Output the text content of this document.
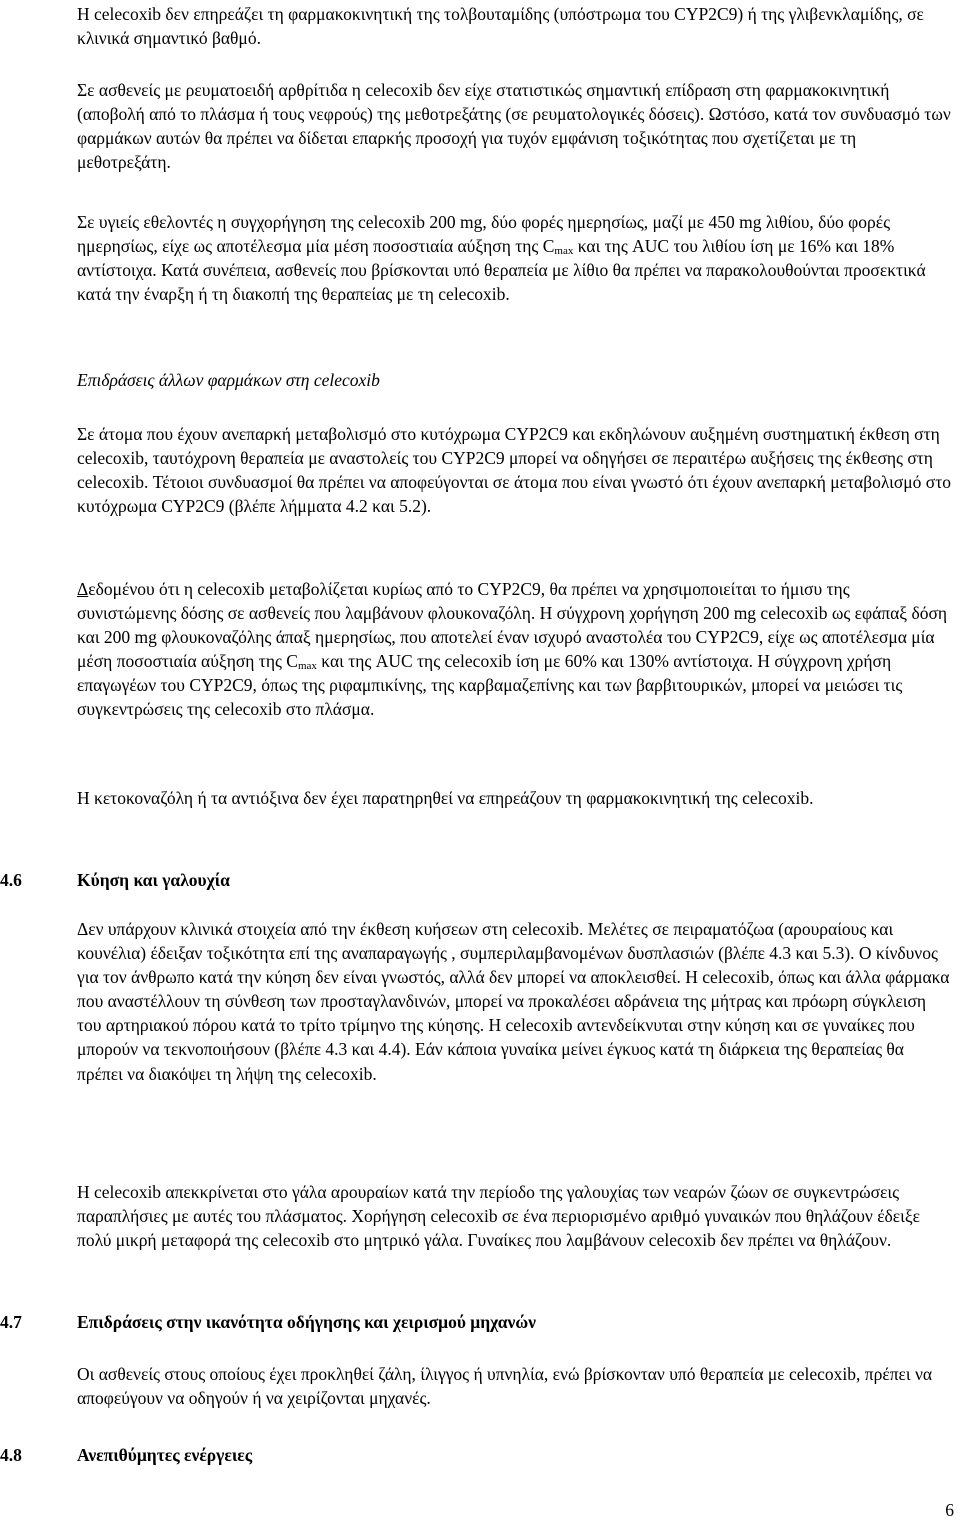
Η celecoxib δεν επηρεάζει τη φαρμακοκινητική της τολβουταμίδης (υπόστρωμα του CYP2C9) ή της γλιβενκλαμίδης, σε κλινικά σημαντικό βαθμό.

Σε ασθενείς με ρευματοειδή αρθρίτιδα η celecoxib δεν είχε στατιστικώς σημαντική επίδραση στη φαρμακοκινητική (αποβολή από το πλάσμα ή τους νεφρούς) της μεθοτρεξάτης (σε ρευματολογικές δόσεις). Ωστόσο, κατά τον συνδυασμό των φαρμάκων αυτών θα πρέπει να δίδεται επαρκής προσοχή για τυχόν εμφάνιση τοξικότητας που σχετίζεται με τη μεθοτρεξάτη.

Σε υγιείς εθελοντές η συγχορήγηση της celecoxib 200 mg, δύο φορές ημερησίως, μαζί με 450 mg λιθίου, δύο φορές ημερησίως, είχε ως αποτέλεσμα μία μέση ποσοστιαία αύξηση της $C_{max}$ και της AUC του λιθίου ίση με 16% και 18% αντίστοιχα. Κατά συνέπεια, ασθενείς που βρίσκονται υπό θεραπεία με λίθιο θα πρέπει να παρακολουθούνται προσεκτικά κατά την έναρξη ή τη διακοπή της θεραπείας με τη celecoxib.

Επιδράσεις άλλων φαρμάκων στη celecoxib

Σε άτομα που έχουν ανεπαρκή μεταβολισμό στο κυτόχρωμα CYP2C9 και εκδηλώνουν αυξημένη συστηματική έκθεση στη celecoxib, ταυτόχρονη θεραπεία με αναστολείς του CYP2C9 μπορεί να οδηγήσει σε περαιτέρω αυξήσεις της έκθεσης στη celecoxib. Τέτοιοι συνδυασμοί θα πρέπει να αποφεύγονται σε άτομα που είναι γνωστό ότι έχουν ανεπαρκή μεταβολισμό στο κυτόχρωμα CYP2C9 (βλέπε λήμματα 4.2 και 5.2).

Δεδομένου ότι η celecoxib μεταβολίζεται κυρίως από το CYP2C9, θα πρέπει να χρησιμοποιείται το ήμισυ της συνιστώμενης δόσης σε ασθενείς που λαμβάνουν φλουκοναζόλη. Η σύγχρονη χορήγηση 200 mg celecoxib ως εφάπαξ δόση και 200 mg φλουκοναζόλης άπαξ ημερησίως, που αποτελεί έναν ισχυρό αναστολέα του CYP2C9, είχε ως αποτέλεσμα μία μέση ποσοστιαία αύξηση της $C_{max}$ και της AUC της celecoxib ίση με 60% και 130% αντίστοιχα. Η σύγχρονη χρήση επαγωγέων του CYP2C9, όπως της ριφαμπικίνης, της καρβαμαζεπίνης και των βαρβιτουρικών, μπορεί να μειώσει τις συγκεντρώσεις της celecoxib στο πλάσμα.

Η κετοκοναζόλη ή τα αντιόξινα δεν έχει παρατηρηθεί να επηρεάζουν τη φαρμακοκινητική της celecoxib.

4.6	Κύηση και γαλουχία

Δεν υπάρχουν κλινικά στοιχεία από την έκθεση κυήσεων στη celecoxib. Μελέτες σε πειραματόζωα (αρουραίους και κουνέλια) έδειξαν τοξικότητα επί της αναπαραγωγής , συμπεριλαμβανομένων δυσπλασιών (βλέπε 4.3 και 5.3). Ο κίνδυνος για τον άνθρωπο κατά την κύηση δεν είναι γνωστός, αλλά δεν μπορεί να αποκλεισθεί. Η celecoxib, όπως και άλλα φάρμακα που αναστέλλουν τη σύνθεση των προσταγλανδινών, μπορεί να προκαλέσει αδράνεια της μήτρας και πρόωρη σύγκλειση του αρτηριακού πόρου κατά το τρίτο τρίμηνο της κύησης. Η celecoxib αντενδείκνυται στην κύηση και σε γυναίκες που μπορούν να τεκνοποιήσουν (βλέπε 4.3 και 4.4). Εάν κάποια γυναίκα μείνει έγκυος κατά τη διάρκεια της θεραπείας θα πρέπει να διακόψει τη λήψη της celecoxib.

Η celecoxib απεκκρίνεται στο γάλα αρουραίων κατά την περίοδο της γαλουχίας των νεαρών ζώων σε συγκεντρώσεις παραπλήσιες με αυτές του πλάσματος. Χορήγηση celecoxib σε ένα περιορισμένο αριθμό γυναικών που θηλάζουν έδειξε πολύ μικρή μεταφορά της celecoxib στο μητρικό γάλα. Γυναίκες που λαμβάνουν celecoxib δεν πρέπει να θηλάζουν.

4.7	Επιδράσεις στην ικανότητα οδήγησης και χειρισμού μηχανών

Οι ασθενείς στους οποίους έχει προκληθεί ζάλη, ίλιγγος ή υπνηλία, ενώ βρίσκονταν υπό θεραπεία με celecoxib, πρέπει να αποφεύγουν να οδηγούν ή να χειρίζονται μηχανές.

4.8	Ανεπιθύμητες ενέργειες

6
